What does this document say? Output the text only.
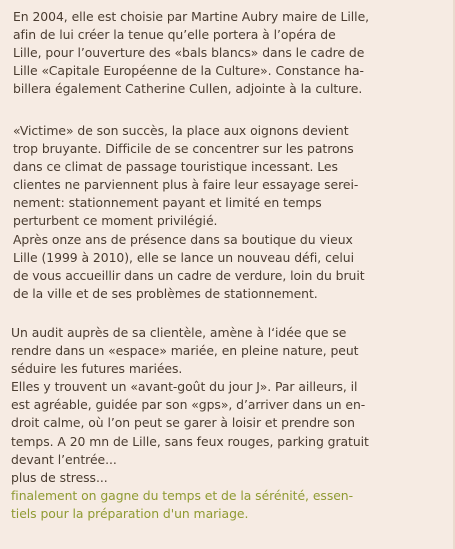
En 2004, elle est choisie par Martine Aubry maire de Lille,
afin de lui créer la tenue qu’elle portera à l’opéra de
Lille, pour l’ouverture des «bals blancs» dans le cadre de
Lille «Capitale Européenne de la Culture». Constance ha-
billera également Catherine Cullen, adjointe à la culture.
«Victime» de son succès, la place aux oignons devient
trop bruyante. Difficile de se concentrer sur les patrons
dans ce climat de passage touristique incessant. Les
clientes ne parviennent plus à faire leur essayage serei-
nement: stationnement payant et limité en temps
perturbent ce moment privilégié.
Après onze ans de présence dans sa boutique du vieux
Lille (1999 à 2010), elle se lance un nouveau défi, celui
de vous accueillir dans un cadre de verdure, loin du bruit
de la ville et de ses problèmes de stationnement.
Un audit auprès de sa clientèle, amène à l‘idée que se
rendre dans un «espace» mariée, en pleine nature, peut
séduire les futures mariées.
Elles y trouvent un «avant-goût du jour J». Par ailleurs, il
est agréable, guidée par son «gps», d’arriver dans un en-
droit calme, où l’on peut se garer à loisir et prendre son
temps. A 20 mn de Lille, sans feux rouges, parking gratuit
devant l’entrée...
plus de stress...
finalement on gagne du temps et de la sérénité, essen-
tiels pour la préparation d'un mariage.
